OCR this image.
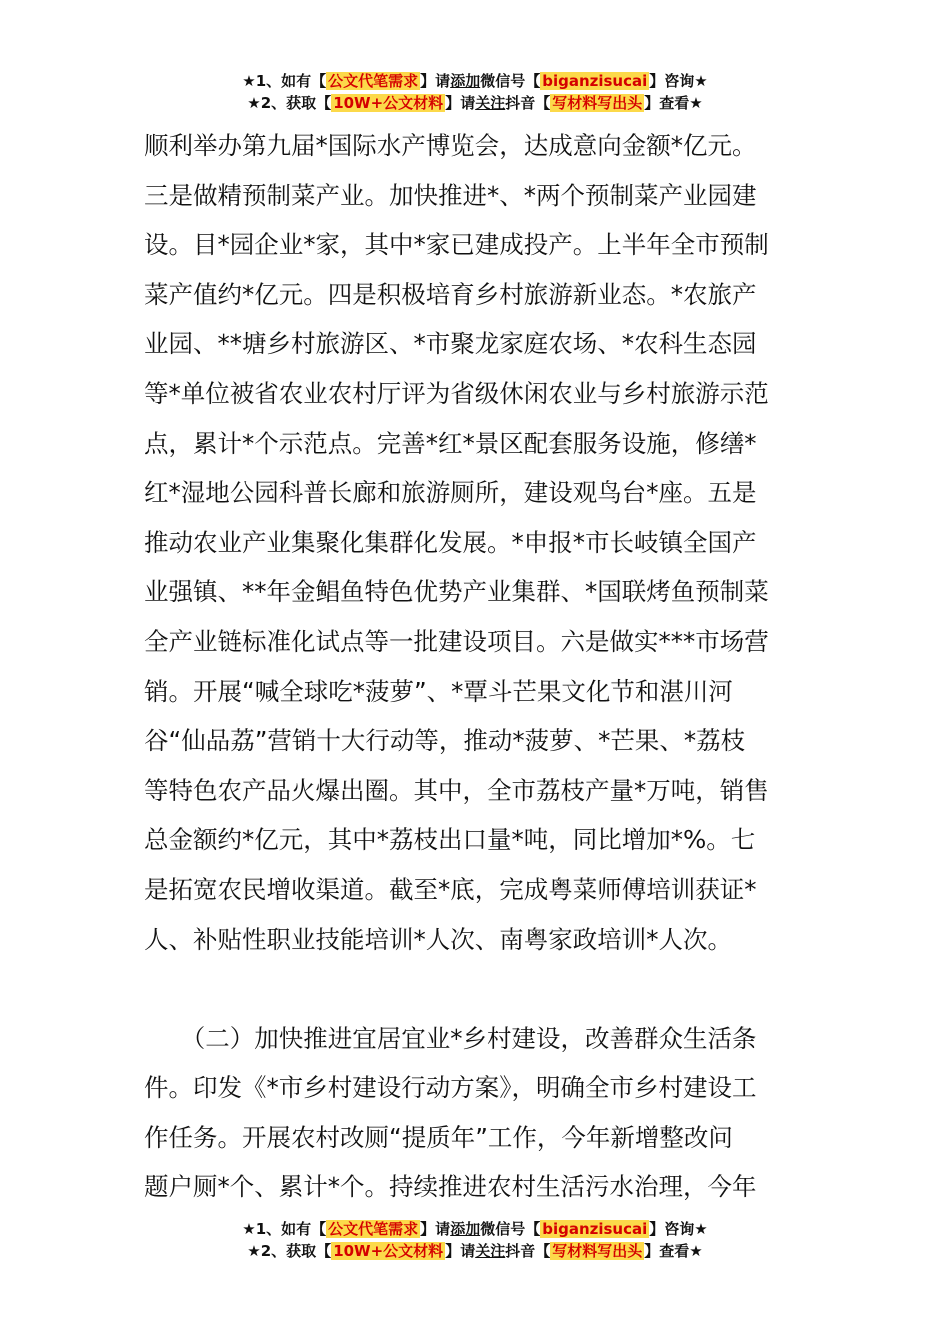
★1、如有【 公文代笔需求 】请添加微信号【 biganzisucai 】咨询★
★2、获取【 10W+公文材料 】请关注抖音【 写材料写出头 】查看★
顺利举办第九届*国际水产博览会，达成意向金额*亿元。
三是做精预制菜产业。加快推进*、*两个预制菜产业园建
设。目*园企业*家，其中*家已建成投产。上半年全市预制
菜产值约*亿元。四是积极培育乡村旅游新业态。*农旅产
业园、**塘乡村旅游区、*市聚龙家庭农场、*农科生态园
等*单位被省农业农村厅评为省级休闲农业与乡村旅游示范
点，累计*个示范点。完善*红*景区配套服务设施，修缮*
红*湿地公园科普长廊和旅游厕所，建设观鸟台*座。五是
推动农业产业集聚化集群化发展。*申报*市长岐镇全国产
业强镇、**年金鲳鱼特色优势产业集群、*国联烤鱼预制菜
全产业链标准化试点等一批建设项目。六是做实***市场营
销。开展“喊全球吃*菠萝”、*覃斗芒果文化节和湛川河
谷“仙品荔”营销十大行动等，推动*菠萝、*芒果、*荔枝
等特色农产品火爆出圈。其中，全市荔枝产量*万吨，销售
总金额约*亿元，其中*荔枝出口量*吨，同比增加*%。七
是拓宽农民增收渠道。截至*底，完成粤菜师傅培训获证*
人、补贴性职业技能培训*人次、南粤家政培训*人次。
　　（二）加快推进宜居宜业*乡村建设，改善群众生活条
件。印发《*市乡村建设行动方案》，明确全市乡村建设工
作任务。开展农村改厕“提质年”工作，今年新增整改问
题户厕*个、累计*个。持续推进农村生活污水治理，今年
★1、如有【 公文代笔需求 】请添加微信号【 biganzisucai 】咨询★
★2、获取【 10W+公文材料 】请关注抖音【 写材料写出头 】查看★
